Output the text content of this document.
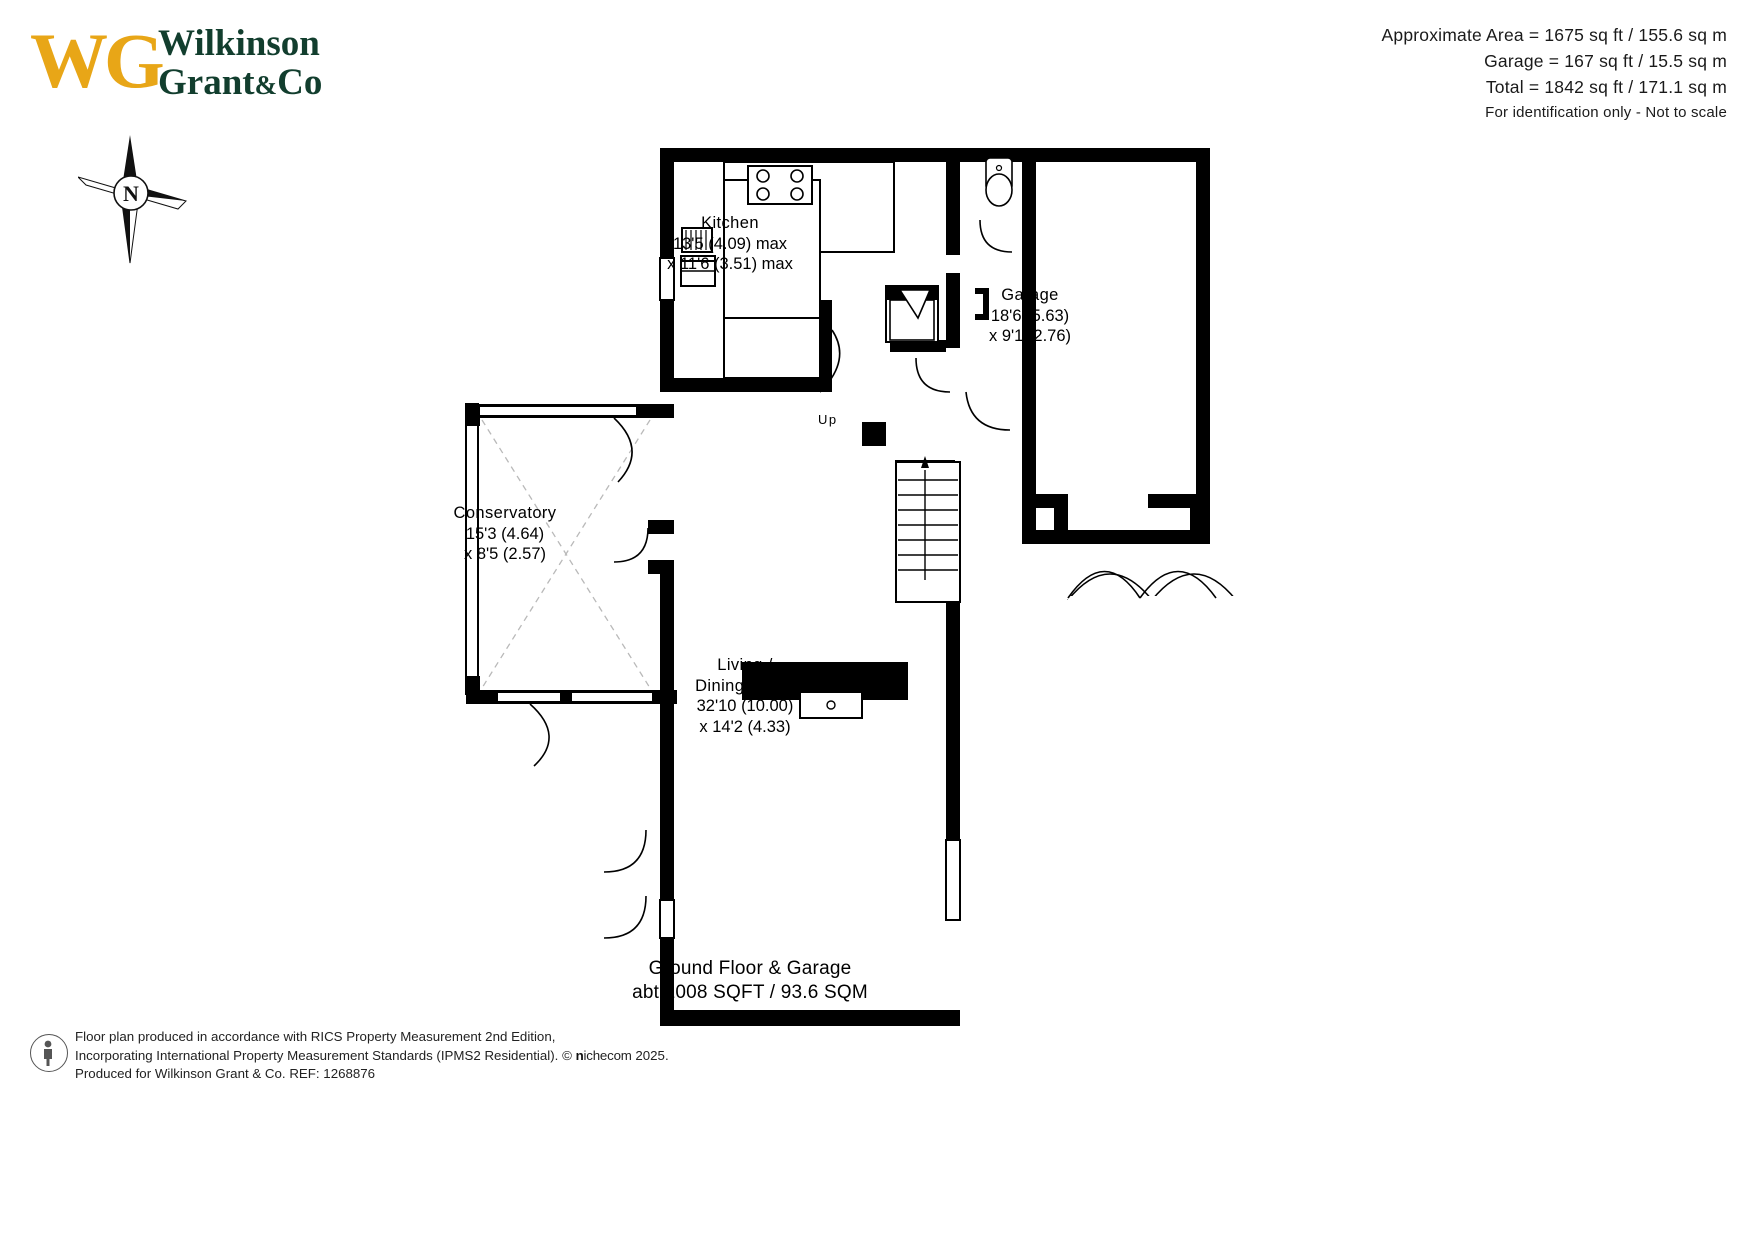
WG
Wilkinson
Grant&Co
Approximate Area = 1675 sq ft / 155.6 sq m
Garage = 167 sq ft / 15.5 sq m
Total = 1842 sq ft / 171.1 sq m
For identification only - Not to scale
N
Kitchen
13'5 (4.09) max
x 11'6 (3.51) max
Garage
18'6 (5.63)
x 9'1 (2.76)
Conservatory
15'3 (4.64)
x 8'5 (2.57)
Living /
Dining Room
32'10 (10.00)
x 14'2 (4.33)
Up
Ground Floor & Garage
abt 1008 SQFT / 93.6 SQM
Floor plan produced in accordance with RICS Property Measurement 2nd Edition,
Incorporating International Property Measurement Standards (IPMS2 Residential). © nichecom 2025.
Produced for Wilkinson Grant & Co. REF: 1268876
